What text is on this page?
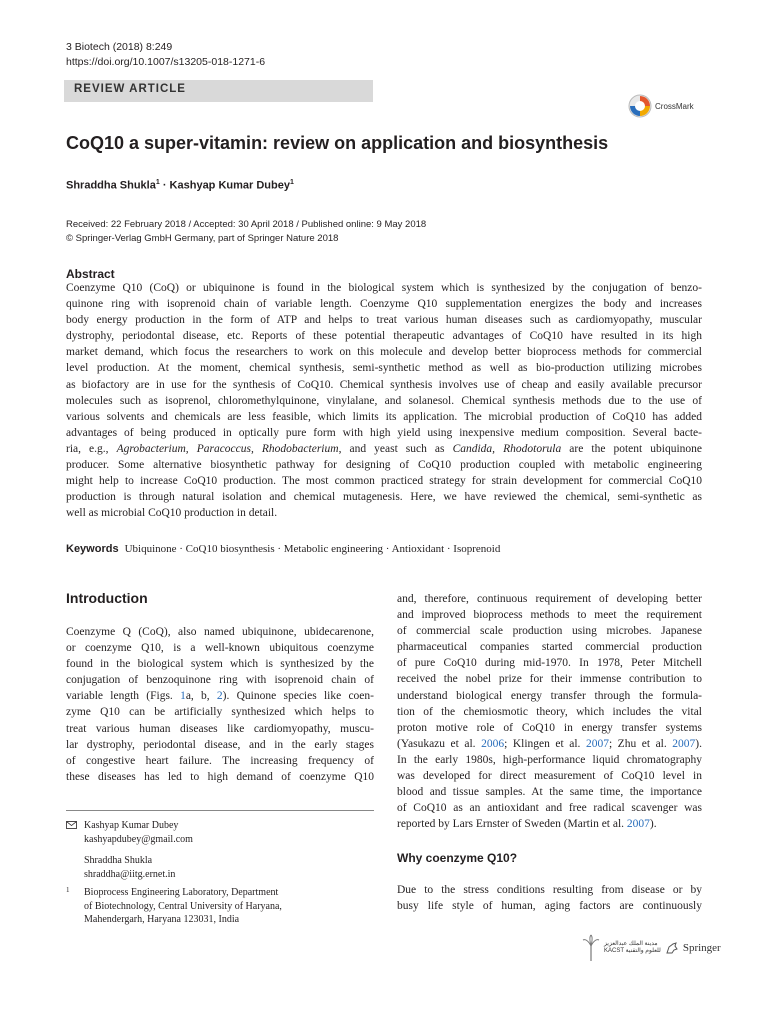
3 Biotech (2018) 8:249
https://doi.org/10.1007/s13205-018-1271-6
REVIEW ARTICLE
CrossMark
CoQ10 a super-vitamin: review on application and biosynthesis
Shraddha Shukla$^1$ · Kashyap Kumar Dubey$^1$
Received: 22 February 2018 / Accepted: 30 April 2018 / Published online: 9 May 2018
© Springer-Verlag GmbH Germany, part of Springer Nature 2018
Abstract
Coenzyme Q10 (CoQ) or ubiquinone is found in the biological system which is synthesized by the conjugation of benzo-
quinone ring with isoprenoid chain of variable length. Coenzyme Q10 supplementation energizes the body and increases
body energy production in the form of ATP and helps to treat various human diseases such as cardiomyopathy, muscular
dystrophy, periodontal disease, etc. Reports of these potential therapeutic advantages of CoQ10 have resulted in its high
market demand, which focus the researchers to work on this molecule and develop better bioprocess methods for commercial
level production. At the moment, chemical synthesis, semi-synthetic method as well as bio-production utilizing microbes
as biofactory are in use for the synthesis of CoQ10. Chemical synthesis involves use of cheap and easily available precursor
molecules such as isoprenol, chloromethylquinone, vinylalane, and solanesol. Chemical synthesis methods due to the use of
various solvents and chemicals are less feasible, which limits its application. The microbial production of CoQ10 has added
advantages of being produced in optically pure form with high yield using inexpensive medium composition. Several bacte-
ria, e.g., Agrobacterium, Paracoccus, Rhodobacterium, and yeast such as Candida, Rhodotorula are the potent ubiquinone
producer. Some alternative biosynthetic pathway for designing of CoQ10 production coupled with metabolic engineering
might help to increase CoQ10 production. The most common practiced strategy for strain development for commercial CoQ10
production is through natural isolation and chemical mutagenesis. Here, we have reviewed the chemical, semi-synthetic as
well as microbial CoQ10 production in detail.
Keywords Ubiquinone · CoQ10 biosynthesis · Metabolic engineering · Antioxidant · Isoprenoid
Introduction
Coenzyme Q (CoQ), also named ubiquinone, ubidecarenone,
or coenzyme Q10, is a well-known ubiquitous coenzyme
found in the biological system which is synthesized by the
conjugation of benzoquinone ring with isoprenoid chain of
variable length (Figs. 1a, b, 2). Quinone species like coen-
zyme Q10 can be artificially synthesized which helps to
treat various human diseases like cardiomyopathy, muscu-
lar dystrophy, periodontal disease, and in the early stages
of congestive heart failure. The increasing frequency of
these diseases has led to high demand of coenzyme Q10
Kashyap Kumar Dubey
kashyapdubey@gmail.com
Shraddha Shukla
shraddha@iitg.ernet.in
1 Bioprocess Engineering Laboratory, Department
of Biotechnology, Central University of Haryana,
Mahendergarh, Haryana 123031, India
and, therefore, continuous requirement of developing better
and improved bioprocess methods to meet the requirement
of commercial scale production using microbes. Japanese
pharmaceutical companies started commercial production
of pure CoQ10 during mid-1970. In 1978, Peter Mitchell
received the nobel prize for their immense contribution to
understand biological energy transfer through the formula-
tion of the chemiosmotic theory, which includes the vital
proton motive role of CoQ10 in energy transfer systems
(Yasukazu et al. 2006; Klingen et al. 2007; Zhu et al. 2007).
In the early 1980s, high-performance liquid chromatography
was developed for direct measurement of CoQ10 level in
blood and tissue samples. At the same time, the importance
of CoQ10 as an antioxidant and free radical scavenger was
reported by Lars Ernster of Sweden (Martin et al. 2007).
Why coenzyme Q10?
Due to the stress conditions resulting from disease or by
busy life style of human, aging factors are continuously
مدينة الملك عبدالعزيز
KACST للعلوم والتقنية Springer
